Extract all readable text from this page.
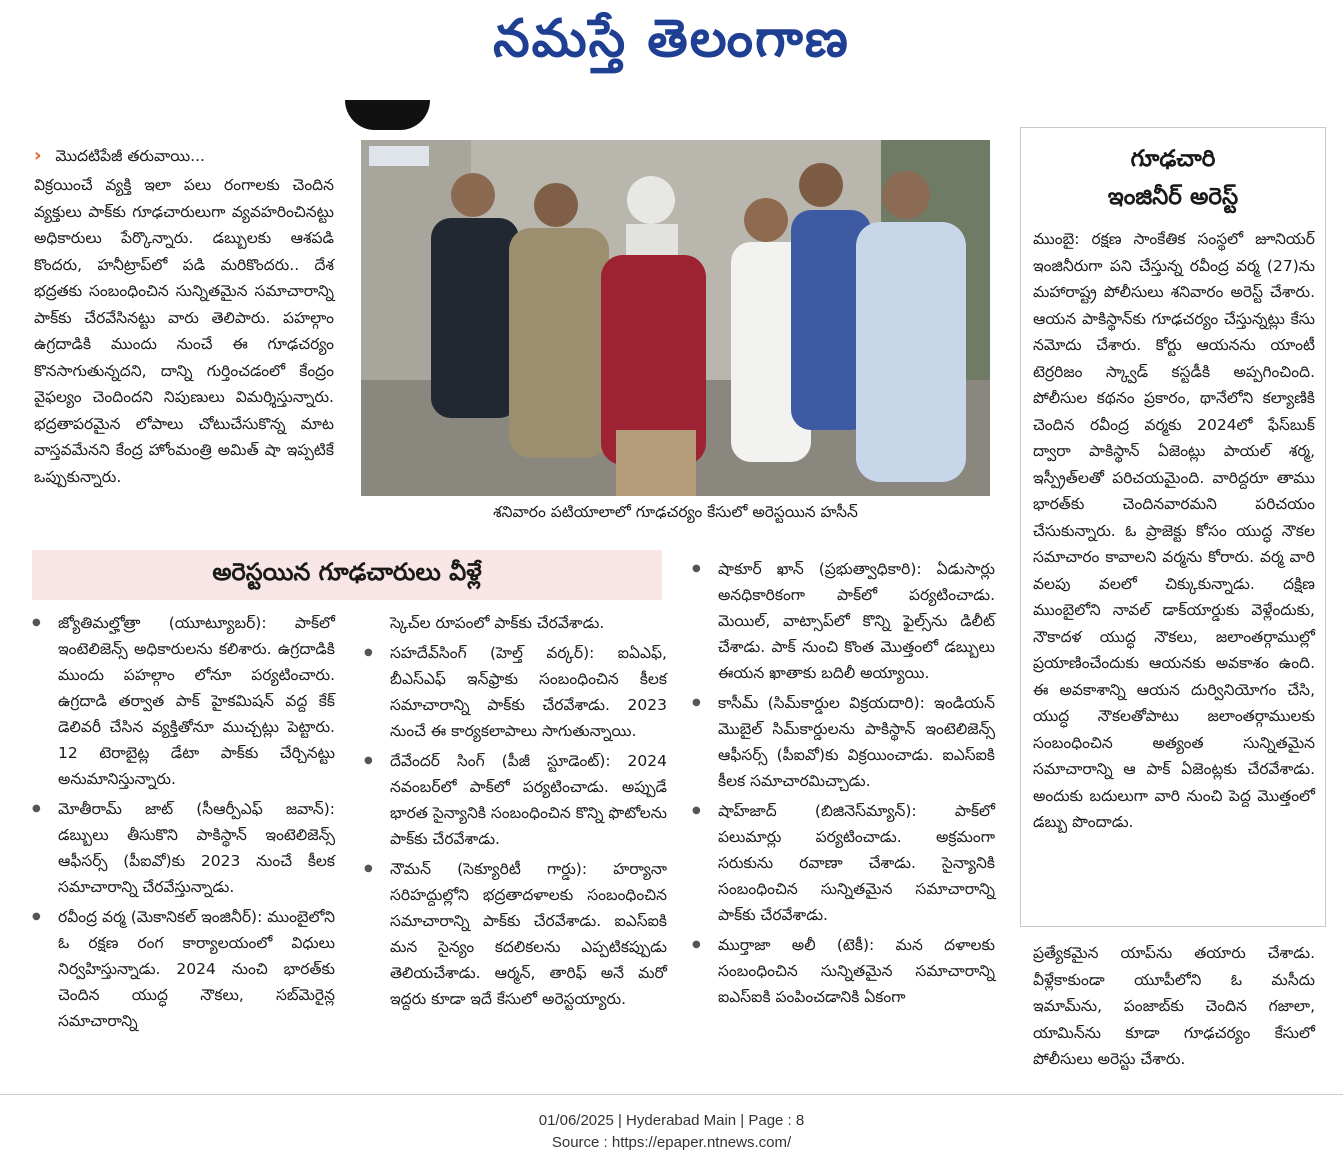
నమస్తే తెలంగాణ
› మొదటిపేజీ తరువాయి...
విక్రయించే వ్యక్తి ఇలా పలు రంగాలకు చెందిన వ్యక్తులు పాక్‌కు గూఢచారులుగా వ్యవహరించినట్టు అధికారులు పేర్కొన్నారు. డబ్బులకు ఆశపడి కొందరు, హనీట్రాప్‌లో పడి మరికొందరు.. దేశ భద్రతకు సంబంధించిన సున్నితమైన సమాచారాన్ని పాక్‌కు చేరవేసినట్టు వారు తెలిపారు. పహల్గాం ఉగ్రదాడికి ముందు నుంచే ఈ గూఢచర్యం కొనసాగుతున్నదని, దాన్ని గుర్తించడంలో కేంద్రం వైఫల్యం చెందిందని నిపుణులు విమర్శిస్తున్నారు. భద్రతాపరమైన లోపాలు చోటుచేసుకొన్న మాట వాస్తవమేనని కేంద్ర హోంమంత్రి అమిత్ షా ఇప్పటికే ఒప్పుకున్నారు.
శనివారం పటియాలాలో గూఢచర్యం కేసులో అరెస్టయిన హసీన్
గూఢచారి
ఇంజినీర్ అరెస్ట్
ముంబై: రక్షణ సాంకేతిక సంస్థలో జూనియర్ ఇంజినీరుగా పని చేస్తున్న రవీంద్ర వర్మ (27)ను మహారాష్ట్ర పోలీసులు శనివారం అరెస్ట్ చేశారు. ఆయన పాకిస్థాన్‌కు గూఢచర్యం చేస్తున్నట్లు కేసు నమోదు చేశారు. కోర్టు ఆయనను యాంటీ టెర్రరిజం స్క్వాడ్ కస్టడీకి అప్పగించింది. పోలీసుల కథనం ప్రకారం, థానేలోని కల్యాణికి చెందిన రవీంద్ర వర్మకు 2024లో ఫేస్‌బుక్ ద్వారా పాకిస్థాన్ ఏజెంట్లు పాయల్ శర్మ, ఇస్ప్రీత్‌లతో పరిచయమైంది. వారిద్దరూ తాము భారత్‌కు చెందినవారమని పరిచయం చేసుకున్నారు. ఓ ప్రాజెక్టు కోసం యుద్ధ నౌకల సమాచారం కావాలని వర్మను కోరారు. వర్మ వారి వలపు వలలో చిక్కుకున్నాడు. దక్షిణ ముంబైలోని నావల్ డాక్‌యార్డుకు వెళ్లేందుకు, నౌకాదళ యుద్ధ నౌకలు, జలాంతర్గాముల్లో ప్రయాణించేందుకు ఆయనకు అవకాశం ఉంది. ఈ అవకాశాన్ని ఆయన దుర్వినియోగం చేసి, యుద్ధ నౌకలతోపాటు జలాంతర్గాములకు సంబంధించిన అత్యంత సున్నితమైన సమాచారాన్ని ఆ పాక్ ఏజెంట్లకు చేరవేశాడు. అందుకు బదులుగా వారి నుంచి పెద్ద మొత్తంలో డబ్బు పొందాడు.
ప్రత్యేకమైన యాప్‌ను తయారు చేశాడు. వీళ్లేకాకుండా యూపీలోని ఓ మసీదు ఇమామ్‌ను, పంజాబ్‌కు చెందిన గజాలా, యామిన్‌ను కూడా గూఢచర్యం కేసులో పోలీసులు అరెస్టు చేశారు.
అరెస్టయిన గూఢచారులు వీళ్లే
● జ్యోతిమల్హోత్రా (యూట్యూబర్): పాక్‌లో ఇంటెలిజెన్స్ అధికారులను కలిశారు. ఉగ్రదాడికి ముందు పహల్గాం లోనూ పర్యటించారు. ఉగ్రదాడి తర్వాత పాక్ హైకమిషన్ వద్ద కేక్ డెలివరీ చేసిన వ్యక్తితోనూ ముచ్చట్లు పెట్టారు. 12 టెరాబైట్ల డేటా పాక్‌కు చేర్చినట్టు అనుమానిస్తున్నారు.
● మోతీరామ్ జాట్ (సీఆర్పీఎఫ్ జవాన్): డబ్బులు తీసుకొని పాకిస్థాన్ ఇంటెలిజెన్స్ ఆఫీసర్స్ (పీఐవో)కు 2023 నుంచే కీలక సమాచారాన్ని చేరవేస్తున్నాడు.
● రవీంద్ర వర్మ (మెకానికల్ ఇంజినీర్): ముంబైలోని ఓ రక్షణ రంగ కార్యాలయంలో విధులు నిర్వహిస్తున్నాడు. 2024 నుంచి భారత్‌కు చెందిన యుద్ధ నౌకలు, సబ్‌మెరైన్ల సమాచారాన్ని
స్కెచ్‌ల రూపంలో పాక్‌కు చేరవేశాడు.
● సహదేవ్‌సింగ్ (హెల్త్ వర్కర్): ఐఏఎఫ్, బీఎస్ఎఫ్ ఇన్‌ఫ్రాకు సంబంధించిన కీలక సమాచారాన్ని పాక్‌కు చేరవేశాడు. 2023 నుంచే ఈ కార్యకలాపాలు సాగుతున్నాయి.
● దేవేందర్ సింగ్ (పీజీ స్టూడెంట్): 2024 నవంబర్‌లో పాక్‌లో పర్యటించాడు. అప్పుడే భారత సైన్యానికి సంబంధించిన కొన్ని ఫొటోలను పాక్‌కు చేరవేశాడు.
● నౌమన్ (సెక్యూరిటీ గార్డు): హర్యానా సరిహద్దుల్లోని భద్రతాదళాలకు సంబంధించిన సమాచారాన్ని పాక్‌కు చేరవేశాడు. ఐఎస్ఐకి మన సైన్యం కదలికలను ఎప్పటికప్పుడు తెలియచేశాడు. ఆర్మన్, తారిఫ్ అనే మరో ఇద్దరు కూడా ఇదే కేసులో అరెస్టయ్యారు.
● షాకూర్ ఖాన్ (ప్రభుత్వాధికారి): ఏడుసార్లు అనధికారికంగా పాక్‌లో పర్యటించాడు. మెయిల్, వాట్సాప్‌లో కొన్ని ఫైల్స్‌ను డిలీట్ చేశాడు. పాక్ నుంచి కొంత మొత్తంలో డబ్బులు ఈయన ఖాతాకు బదిలీ అయ్యాయి.
● కాసీమ్ (సిమ్‌కార్డుల విక్రయదారి): ఇండియన్ మొబైల్ సిమ్‌కార్డులను పాకిస్థాన్ ఇంటెలిజెన్స్ ఆఫీసర్స్ (పీఐవో)కు విక్రయించాడు. ఐఎస్ఐకి కీలక సమాచారమిచ్చాడు.
● షాహ్‌జాద్ (బిజినెస్‌మ్యాన్): పాక్‌లో పలుమార్లు పర్యటించాడు. అక్రమంగా సరుకును రవాణా చేశాడు. సైన్యానికి సంబంధించిన సున్నితమైన సమాచారాన్ని పాక్‌కు చేరవేశాడు.
● ముర్తాజా అలీ (టెకీ): మన దళాలకు సంబంధించిన సున్నితమైన సమాచారాన్ని ఐఎస్ఐకి పంపించడానికి ఏకంగా
01/06/2025 | Hyderabad Main | Page : 8
Source : https://epaper.ntnews.com/
